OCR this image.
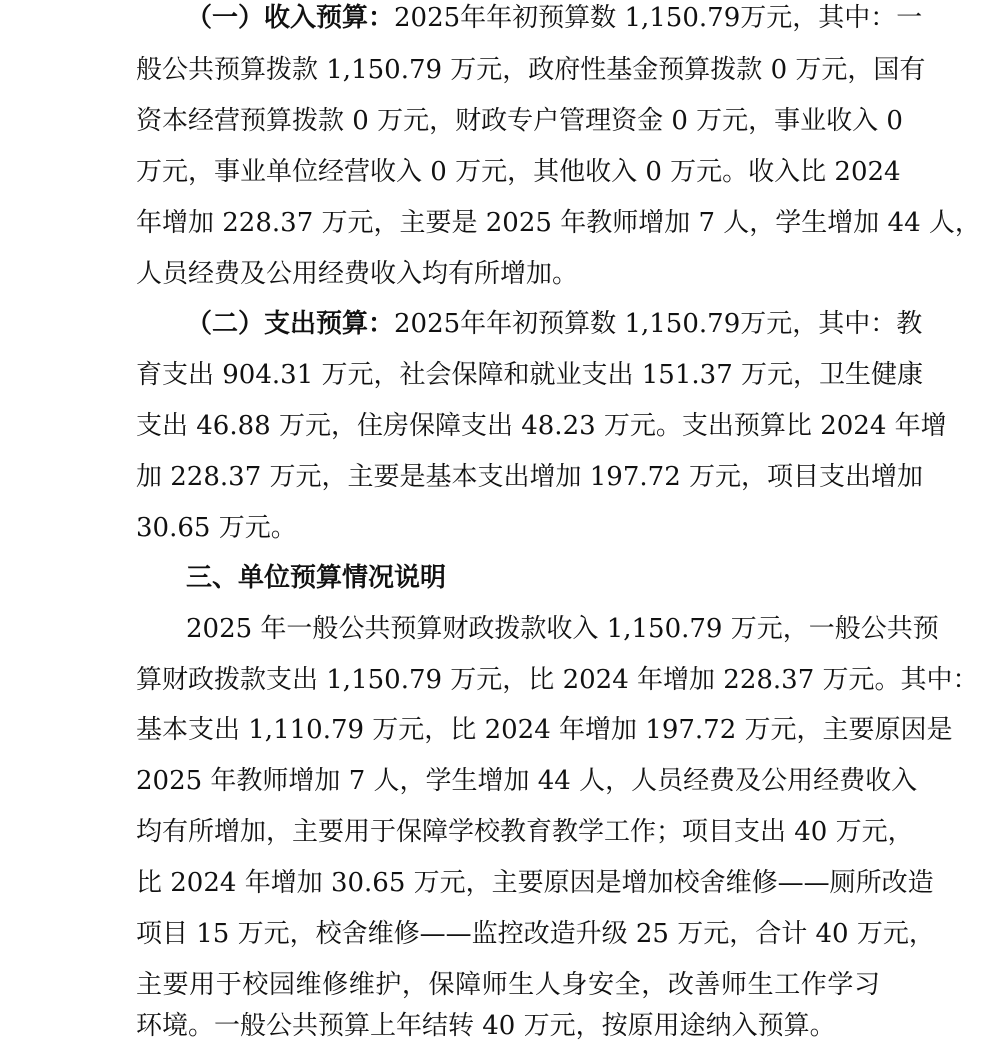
（一）收入预算：2025年年初预算数 1,150.79万元，其中：一
般公共预算拨款 1,150.79 万元，政府性基金预算拨款 0 万元，国有
资本经营预算拨款 0 万元，财政专户管理资金 0 万元，事业收入 0
万元，事业单位经营收入 0 万元，其他收入 0 万元。收入比 2024
年增加 228.37 万元，主要是 2025 年教师增加 7 人，学生增加 44 人，
人员经费及公用经费收入均有所增加。
（二）支出预算：2025年年初预算数 1,150.79万元，其中：教
育支出 904.31 万元，社会保障和就业支出 151.37 万元，卫生健康
支出 46.88 万元，住房保障支出 48.23 万元。支出预算比 2024 年增
加 228.37 万元，主要是基本支出增加 197.72 万元，项目支出增加
30.65 万元。
三、单位预算情况说明
2025 年一般公共预算财政拨款收入 1,150.79 万元，一般公共预
算财政拨款支出 1,150.79 万元，比 2024 年增加 228.37 万元。其中：
基本支出 1,110.79 万元，比 2024 年增加 197.72 万元，主要原因是
2025 年教师增加 7 人，学生增加 44 人，人员经费及公用经费收入
均有所增加，主要用于保障学校教育教学工作；项目支出 40 万元，
比 2024 年增加 30.65 万元，主要原因是增加校舍维修——厕所改造
项目 15 万元，校舍维修——监控改造升级 25 万元，合计 40 万元，
主要用于校园维修维护，保障师生人身安全，改善师生工作学习
环境。一般公共预算上年结转 40 万元，按原用途纳入预算。
